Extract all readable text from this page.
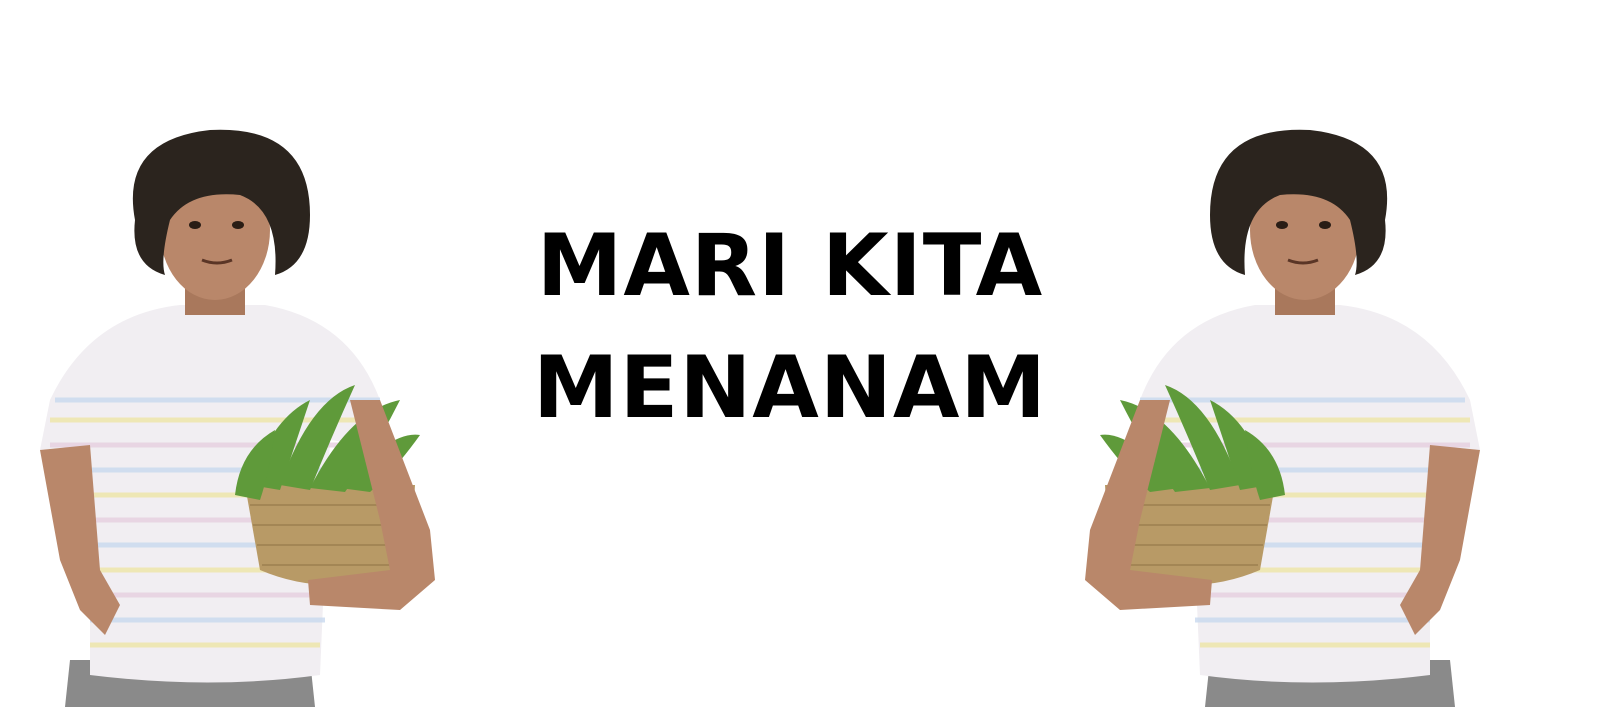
MARI KITA
MENANAM
